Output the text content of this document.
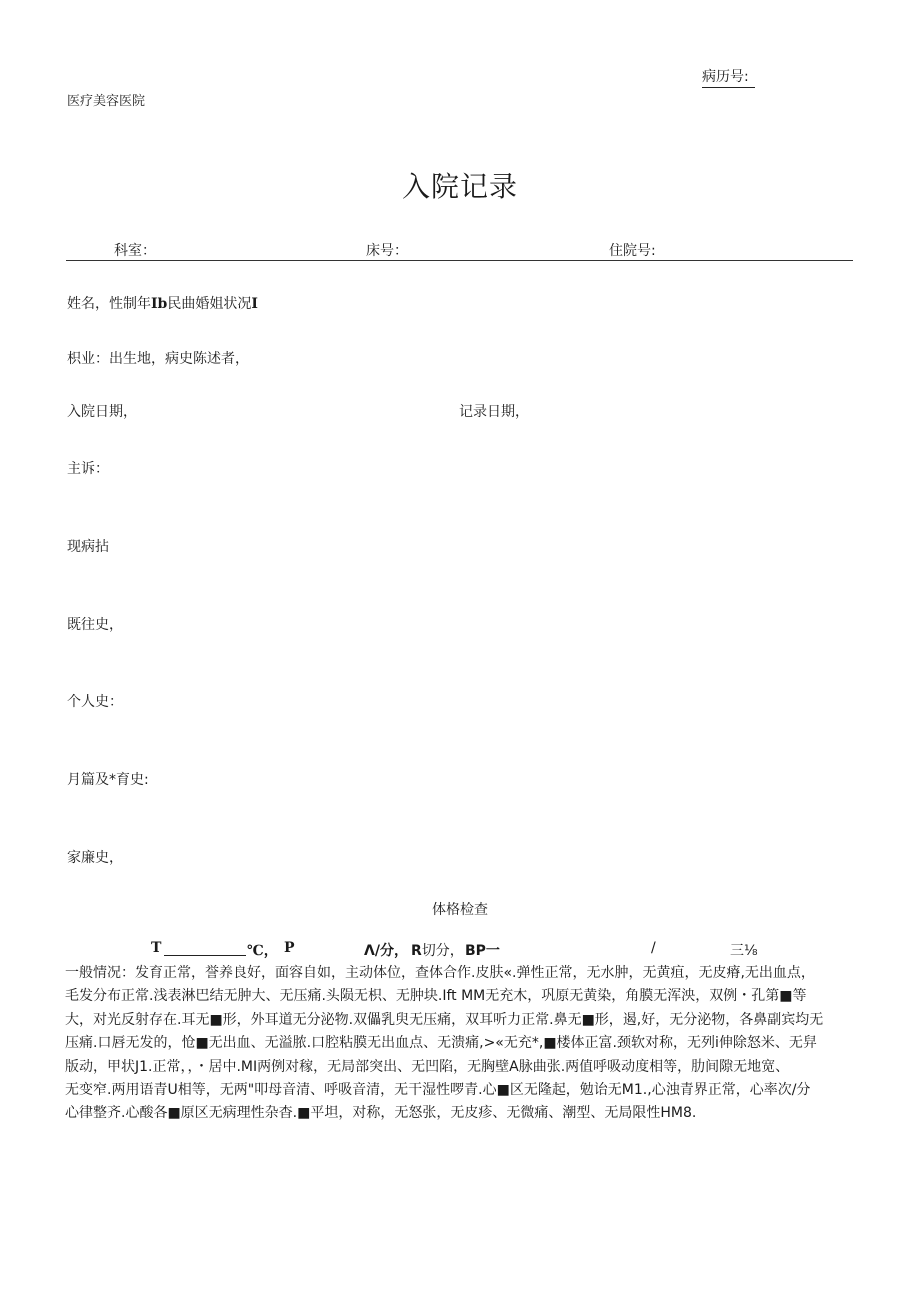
病历号:
医疗美容医院
入院记录
科室：	床号：	住院号:
姓名，性制年Ib民曲婚姐状况I
枳业：出生地，病史陈述者，
入院日期，	记录日期，
主诉：
现病拈
既往史，
个人史：
月篇及*育史:
家廉史，
体格检查
T	℃， P	Λ/分， R切分， BP一	/	三⅛
一般情况：发育正常，誉养良好，面容自如，主动体位，查体合作.皮肤«.弹性正常，无水肿，无黄疽，无皮瘠,无出血点，
毛发分布正常.浅表淋巴结无肿大、无压痛.头陨无枳、无肿块.Ift MM无充木，巩原无黄染，角膜无浑泱，双例・孔第■等
大，对光反射存在.耳无■形，外耳道无分泌物.双儡乳臾无压痛，双耳听力正常.鼻无■形，遏,好，无分泌物，各鼻副宾均无
压痛.口唇无发的，怆■无出血、无溢脓.口腔粘膜无出血点、无溃痛,>«无充*,■楼体正富.颈软对称，无列i伸除怒米、无舁
版动，甲状J1.正常，，・居中.MI两例对稼，无局部突出、无凹陷，无胸壁A脉曲张.两值呼吸动度相等，肋间隙无地宽、
无变窄.两用语青U相等，无两"叩母音清、呼吸音清，无干湿性啰青.心■区无隆起，勉诒无M1.,心浊青界正常，心率次/分
心律整齐.心酸各■原区无病理性杂杳.■平坦，对称，无怒张，无皮疹、无微痛、潮型、无局限性HM8.
